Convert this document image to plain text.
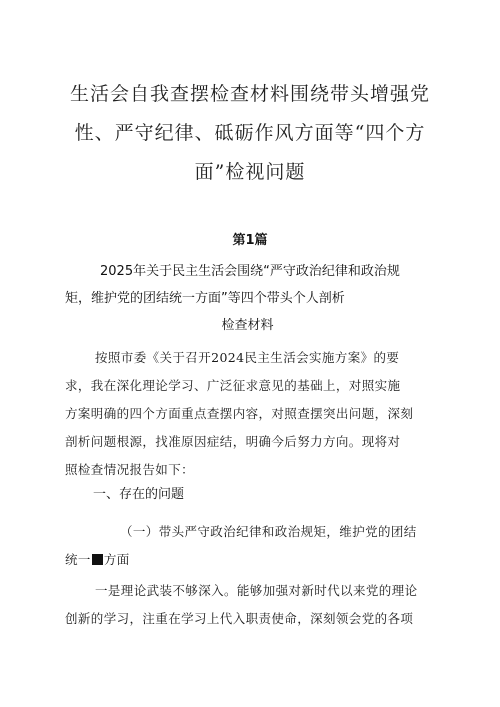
生活会自我查摆检查材料围绕带头增强党
性、严守纪律、砥砺作风方面等“四个方
面”检视问题
第1篇
2025年关于民主生活会围绕“严守政治纪律和政治规
矩，维护党的团结统一方面”等四个带头个人剖析
检查材料
按照市委《关于召开2024民主生活会实施方案》的要
求，我在深化理论学习、广泛征求意见的基础上，对照实施
方案明确的四个方面重点查摆内容，对照查摆突出问题，深刻
剖析问题根源，找准原因症结，明确今后努力方向。现将对
照检查情况报告如下：
一、存在的问题
（一）带头严守政治纪律和政治规矩，维护党的团结
统一 方面
一是理论武装不够深入。能够加强对新时代以来党的理论
创新的学习，注重在学习上代入职责使命，深刻领会党的各项
